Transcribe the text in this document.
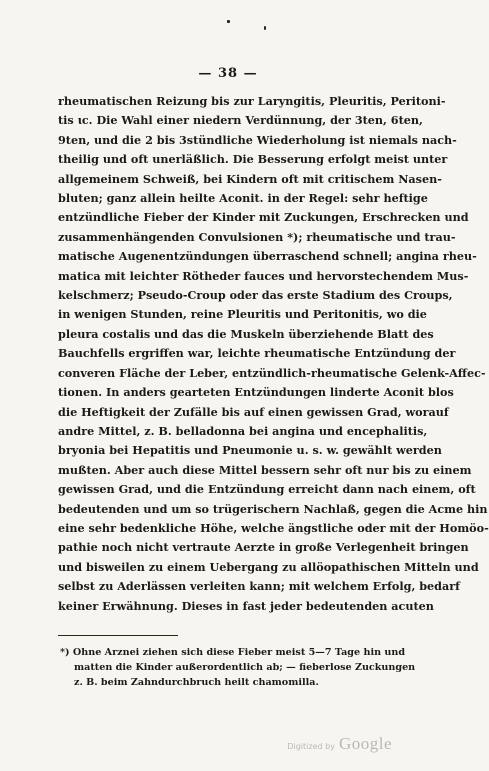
— 38 —
rheumatischen Reizung bis zur Laryngitis, Pleuritis, Peritoni-
tis ɩc. Die Wahl einer niedern Verdünnung, der 3ten, 6ten,
9ten, und die 2 bis 3stündliche Wiederholung ist niemals nach-
theilig und oft unerläßlich. Die Besserung erfolgt meist unter
allgemeinem Schweiß, bei Kindern oft mit critischem Nasen-
bluten; ganz allein heilte Aconit. in der Regel: sehr heftige
entzündliche Fieber der Kinder mit Zuckungen, Erschrecken und
zusammenhängenden Convulsionen *); rheumatische und trau-
matische Augenentzündungen überraschend schnell; angina rheu-
matica mit leichter Rötheder fauces und hervorstechendem Mus-
kelschmerz; Pseudo-Croup oder das erste Stadium des Croups,
in wenigen Stunden, reine Pleuritis und Peritonitis, wo die
pleura costalis und das die Muskeln überziehende Blatt des
Bauchfells ergriffen war, leichte rheumatische Entzündung der
converen Fläche der Leber, entzündlich-rheumatische Gelenk-Affec-
tionen. In anders gearteten Entzündungen linderte Aconit blos
die Heftigkeit der Zufälle bis auf einen gewissen Grad, worauf
andre Mittel, z. B. belladonna bei angina und encephalitis,
bryonia bei Hepatitis und Pneumonie u. s. w. gewählt werden
mußten. Aber auch diese Mittel bessern sehr oft nur bis zu einem
gewissen Grad, und die Entzündung erreicht dann nach einem, oft
bedeutenden und um so trügerischern Nachlaß, gegen die Acme hin
eine sehr bedenkliche Höhe, welche ängstliche oder mit der Homöo-
pathie noch nicht vertraute Aerzte in große Verlegenheit bringen
und bisweilen zu einem Uebergang zu allöopathischen Mitteln und
selbst zu Aderlässen verleiten kann; mit welchem Erfolg, bedarf
keiner Erwähnung. Dieses in fast jeder bedeutenden acuten
*) Ohne Arznei ziehen sich diese Fieber meist 5—7 Tage hin und
matten die Kinder außerordentlich ab; — fieberlose Zuckungen
z. B. beim Zahndurchbruch heilt chamomilla.
Digitized by Google
